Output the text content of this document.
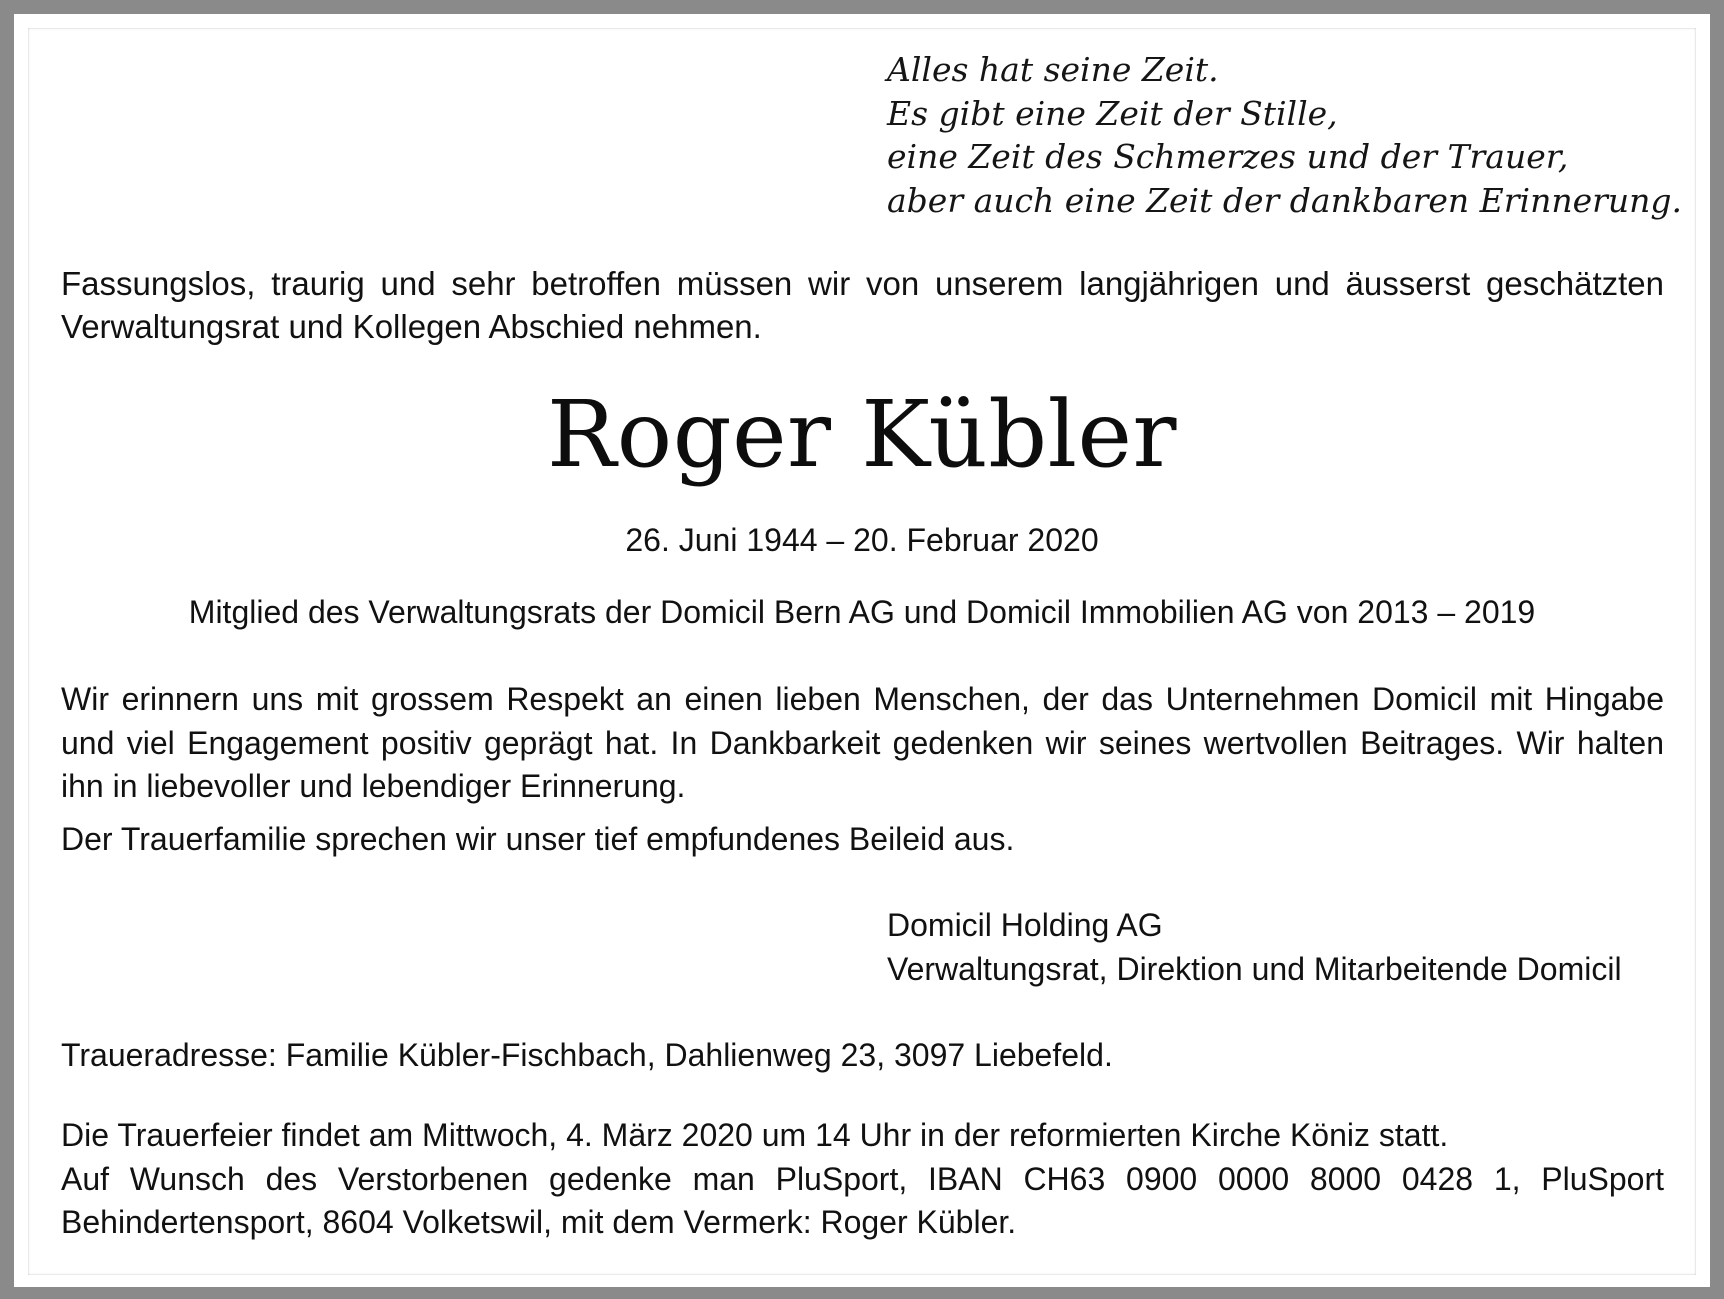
Alles hat seine Zeit.
Es gibt eine Zeit der Stille,
eine Zeit des Schmerzes und der Trauer,
aber auch eine Zeit der dankbaren Erinnerung.
Fassungslos, traurig und sehr betroffen müssen wir von unserem langjährigen und äusserst geschätzten Verwaltungsrat und Kollegen Abschied nehmen.
Roger Kübler
26. Juni 1944 – 20. Februar 2020
Mitglied des Verwaltungsrats der Domicil Bern AG und Domicil Immobilien AG von 2013 – 2019
Wir erinnern uns mit grossem Respekt an einen lieben Menschen, der das Unternehmen Domicil mit Hingabe und viel Engagement positiv geprägt hat. In Dankbarkeit gedenken wir seines wertvollen Beitrages. Wir halten ihn in liebevoller und lebendiger Erinnerung.
Der Trauerfamilie sprechen wir unser tief empfundenes Beileid aus.
Domicil Holding AG
Verwaltungsrat, Direktion und Mitarbeitende Domicil
Traueradresse: Familie Kübler-Fischbach, Dahlienweg 23, 3097 Liebefeld.
Die Trauerfeier findet am Mittwoch, 4. März 2020 um 14 Uhr in der reformierten Kirche Köniz statt.
Auf Wunsch des Verstorbenen gedenke man PluSport, IBAN CH63 0900 0000 8000 0428 1, PluSport Behindertensport, 8604 Volketswil, mit dem Vermerk: Roger Kübler.
